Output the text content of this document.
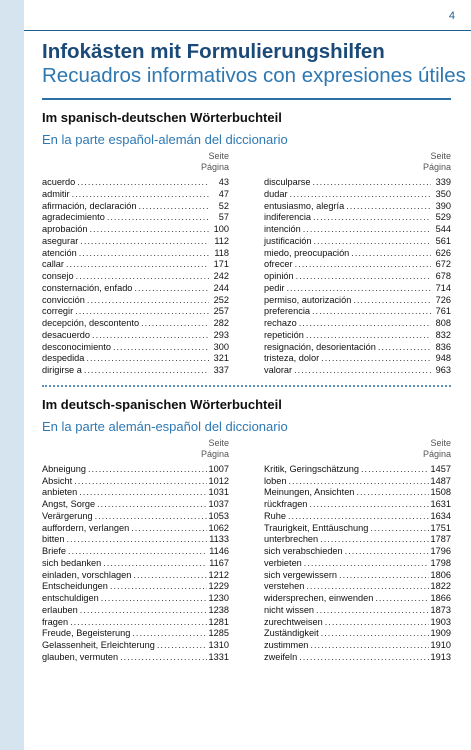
4
Infokästen mit Formulierungshilfen
Recuadros informativos con expresiones útiles
Im spanisch-deutschen Wörterbuchteil
En la parte español-alemán del diccionario
Seite
Página
acuerdo .....	43
admitir .....	47
afirmación, declaración .....	52
agradecimiento .....	57
aprobación .....	100
asegurar .....	112
atención .....	118
callar .....	171
consejo .....	242
consternación, enfado .....	244
convicción .....	252
corregir .....	257
decepción, descontento .....	282
desacuerdo .....	293
desconocimiento .....	300
despedida .....	321
dirigirse a .....	337
Seite
Página
disculparse .....	339
dudar .....	350
entusiasmo, alegría .....	390
indiferencia .....	529
intención .....	544
justificación .....	561
miedo, preocupación .....	626
ofrecer .....	672
opinión .....	678
pedir .....	714
permiso, autorización .....	726
preferencia .....	761
rechazo .....	808
repetición .....	832
resignación, desorientación .....	836
tristeza, dolor .....	948
valorar .....	963
Im deutsch-spanischen Wörterbuchteil
En la parte alemán-español del diccionario
Seite
Página
Abneigung .....	1007
Absicht .....	1012
anbieten .....	1031
Angst, Sorge .....	1037
Verärgerung .....	1053
auffordern, verlangen .....	1062
bitten .....	1133
Briefe .....	1146
sich bedanken .....	1167
einladen, vorschlagen .....	1212
Entscheidungen .....	1229
entschuldigen .....	1230
erlauben .....	1238
fragen .....	1281
Freude, Begeisterung .....	1285
Gelassenheit, Erleichterung .....	1310
glauben, vermuten .....	1331
Seite
Página
Kritik, Geringschätzung .....	1457
loben .....	1487
Meinungen, Ansichten .....	1508
rückfragen .....	1631
Ruhe .....	1634
Traurigkeit, Enttäuschung .....	1751
unterbrechen .....	1787
sich verabschieden .....	1796
verbieten .....	1798
sich vergewissern .....	1806
verstehen .....	1822
widersprechen, einwenden .....	1866
nicht wissen .....	1873
zurechtweisen .....	1903
Zuständigkeit .....	1909
zustimmen .....	1910
zweifeln .....	1913
